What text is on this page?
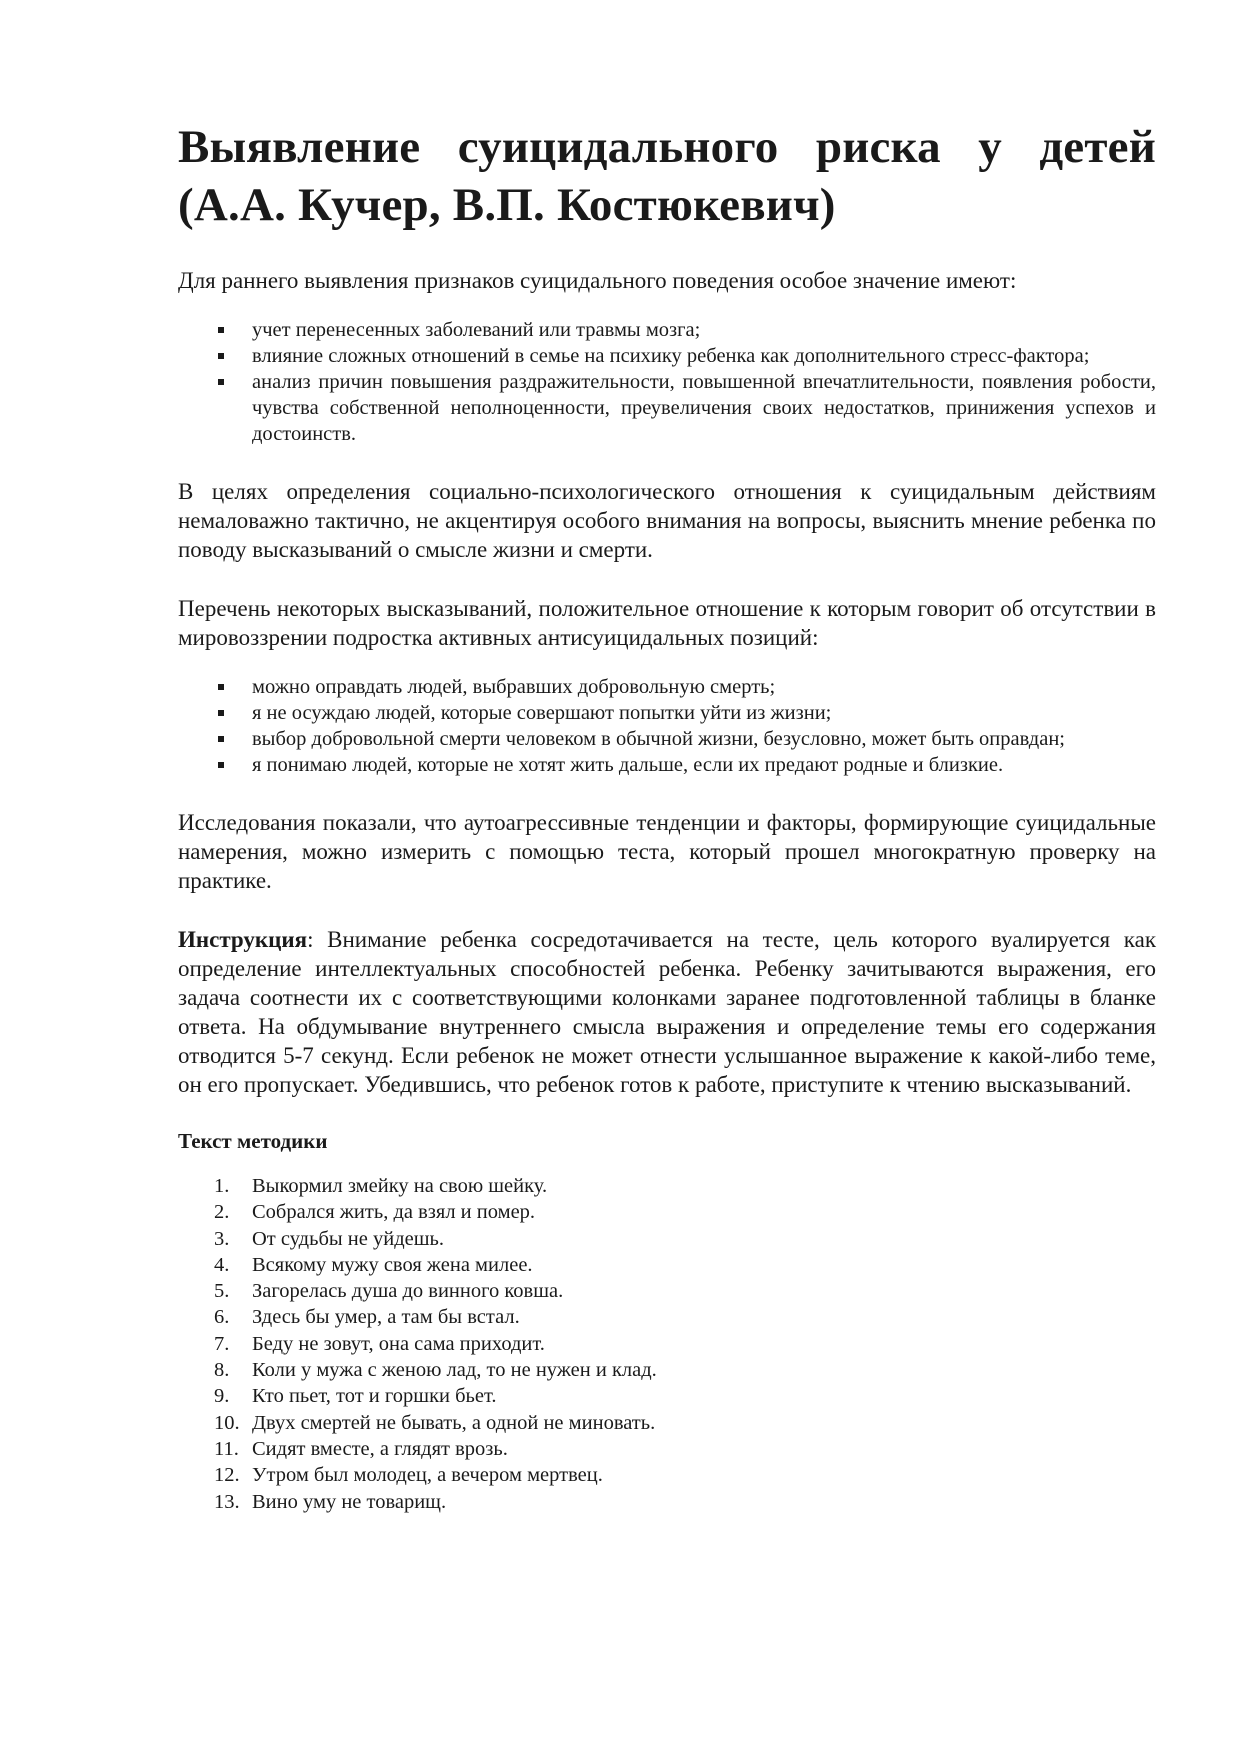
Выявление суицидального риска у детей
(А.А. Кучер, В.П. Костюкевич)

Для раннего выявления признаков суицидального поведения особое значение имеют:

учет перенесенных заболеваний или травмы мозга;
влияние сложных отношений в семье на психику ребенка как дополнительного стресс-фактора;
анализ причин повышения раздражительности, повышенной впечатлительности, появления робости, чувства собственной неполноценности, преувеличения своих недостатков, принижения успехов и достоинств.

В целях определения социально-психологического отношения к суицидальным действиям немаловажно тактично, не акцентируя особого внимания на вопросы, выяснить мнение ребенка по поводу высказываний о смысле жизни и смерти.

Перечень некоторых высказываний, положительное отношение к которым говорит об отсутствии в мировоззрении подростка активных антисуицидальных позиций:

можно оправдать людей, выбравших добровольную смерть;
я не осуждаю людей, которые совершают попытки уйти из жизни;
выбор добровольной смерти человеком в обычной жизни, безусловно, может быть оправдан;
я понимаю людей, которые не хотят жить дальше, если их предают родные и близкие.

Исследования показали, что аутоагрессивные тенденции и факторы, формирующие суицидальные намерения, можно измерить с помощью теста, который прошел многократную проверку на практике.

Инструкция: Внимание ребенка сосредотачивается на тесте, цель которого вуалируется как определение интеллектуальных способностей ребенка. Ребенку зачитываются выражения, его задача соотнести их с соответствующими колонками заранее подготовленной таблицы в бланке ответа. На обдумывание внутреннего смысла выражения и определение темы его содержания отводится 5-7 секунд. Если ребенок не может отнести услышанное выражение к какой-либо теме, он его пропускает. Убедившись, что ребенок готов к работе, приступите к чтению высказываний.

Текст методики
1. Выкормил змейку на свою шейку.
2. Собрался жить, да взял и помер.
3. От судьбы не уйдешь.
4. Всякому мужу своя жена милее.
5. Загорелась душа до винного ковша.
6. Здесь бы умер, а там бы встал.
7. Беду не зовут, она сама приходит.
8. Коли у мужа с женою лад, то не нужен и клад.
9. Кто пьет, тот и горшки бьет.
10. Двух смертей не бывать, а одной не миновать.
11. Сидят вместе, а глядят врозь.
12. Утром был молодец, а вечером мертвец.
13. Вино уму не товарищ.
